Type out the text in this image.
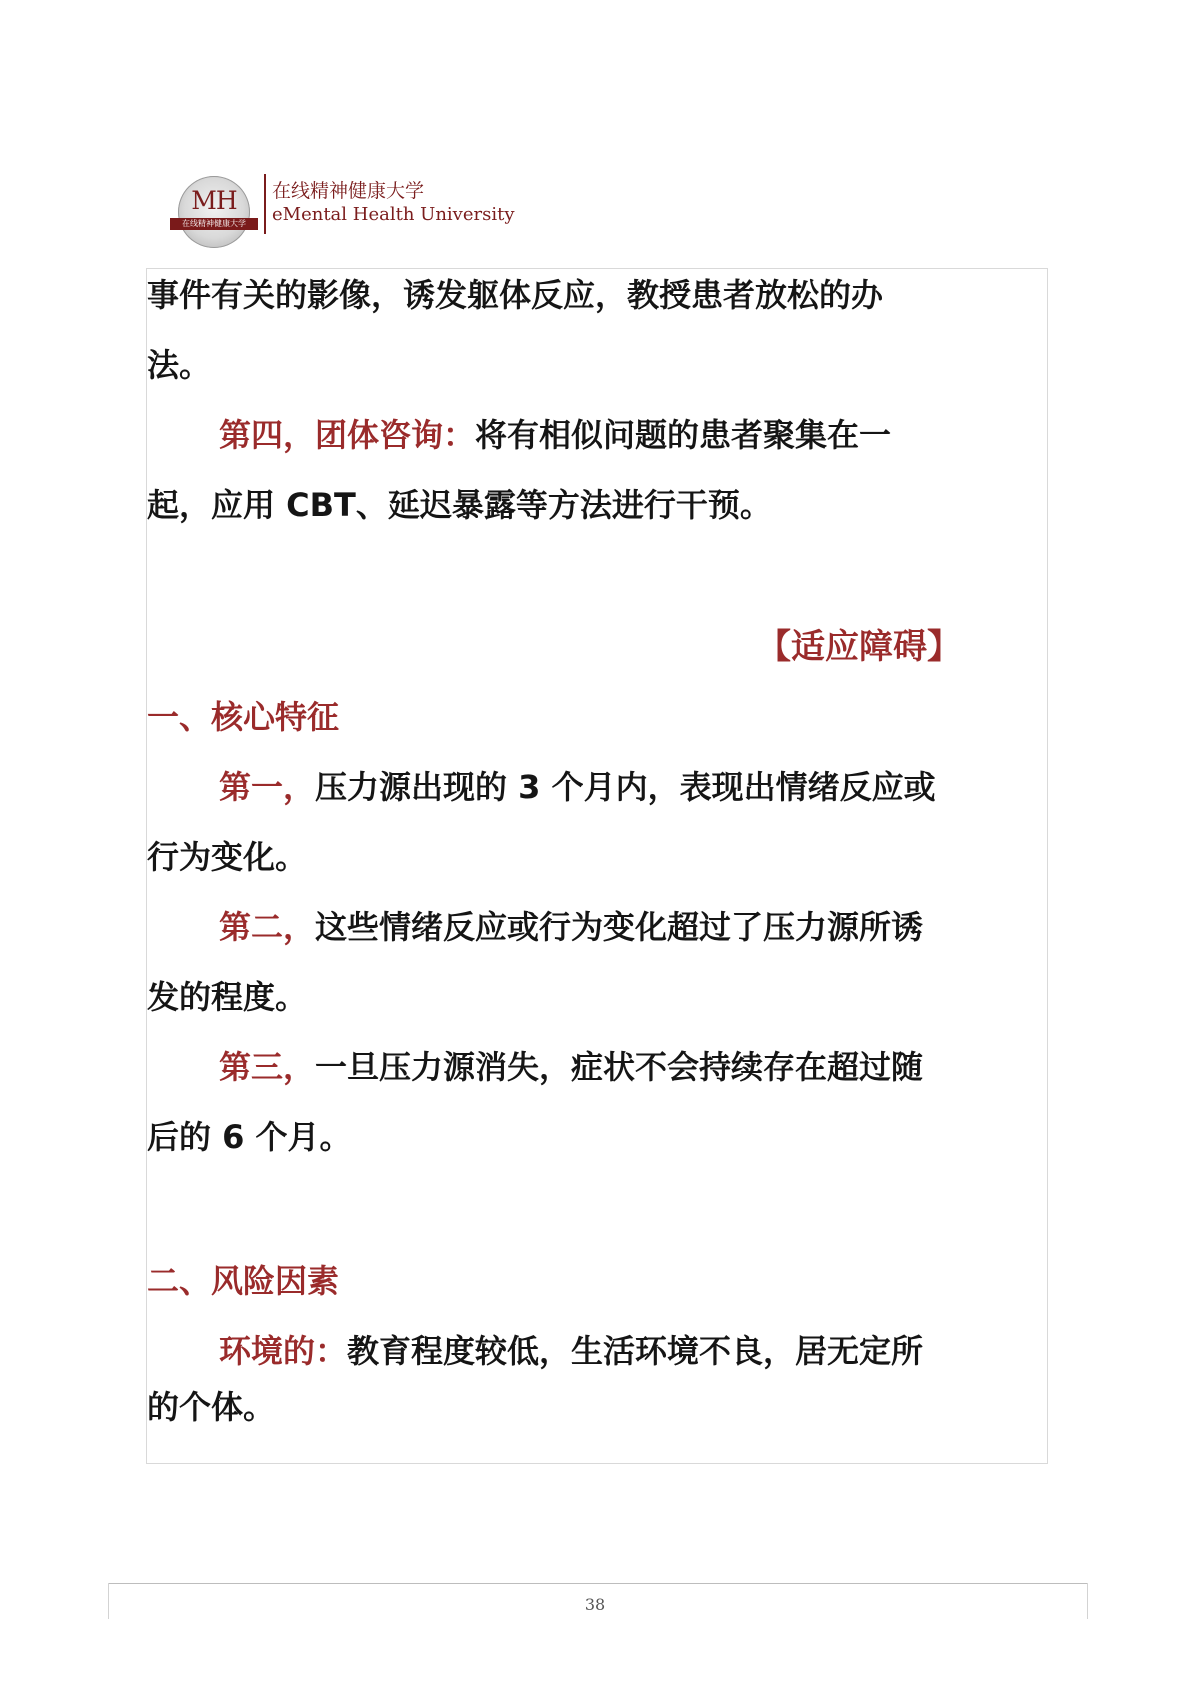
MH
在线精神健康大学
在线精神健康大学
eMental Health University
事件有关的影像，诱发躯体反应，教授患者放松的办
法。
第四，团体咨询：将有相似问题的患者聚集在一
起，应用 CBT、延迟暴露等方法进行干预。
【适应障碍】
一、核心特征
第一，压力源出现的 3 个月内，表现出情绪反应或
行为变化。
第二，这些情绪反应或行为变化超过了压力源所诱
发的程度。
第三，一旦压力源消失，症状不会持续存在超过随
后的 6 个月。
二、风险因素
环境的：教育程度较低，生活环境不良，居无定所
的个体。
38
